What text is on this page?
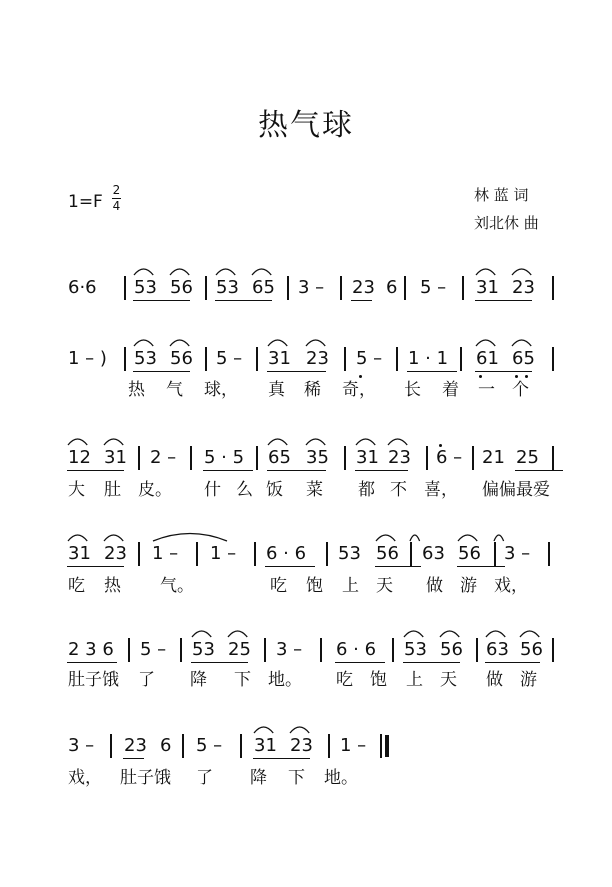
热气球
1=F
2
4
林 蓝 词
刘北休 曲
6·6 53 56 53 65 3 – 23 6 5 – 31 23
1 – ) 53 56 5 – 31 23 5 – 1 · 1 61 65
热 气 球， 真 稀 奇， 长 着 一 个
12 31 2 – 5 · 5 65 35 31 23 6 – 21 25
大 肚 皮。 什 么 饭 菜 都 不 喜， 偏偏 最爱
31 23 1 – 1 – 6 · 6 53 56 63 56 3 –
吃 热 气。	吃 饱 上 天 做 游 戏，
2 3 6 5 – 53 25 3 – 6 · 6 53 56 63 56
肚子饿 了 降 下 地。 吃 饱 上 天 做 游
3 – 23 6 5 – 31 23 1 –
戏， 肚子饿 了 降 下 地。
